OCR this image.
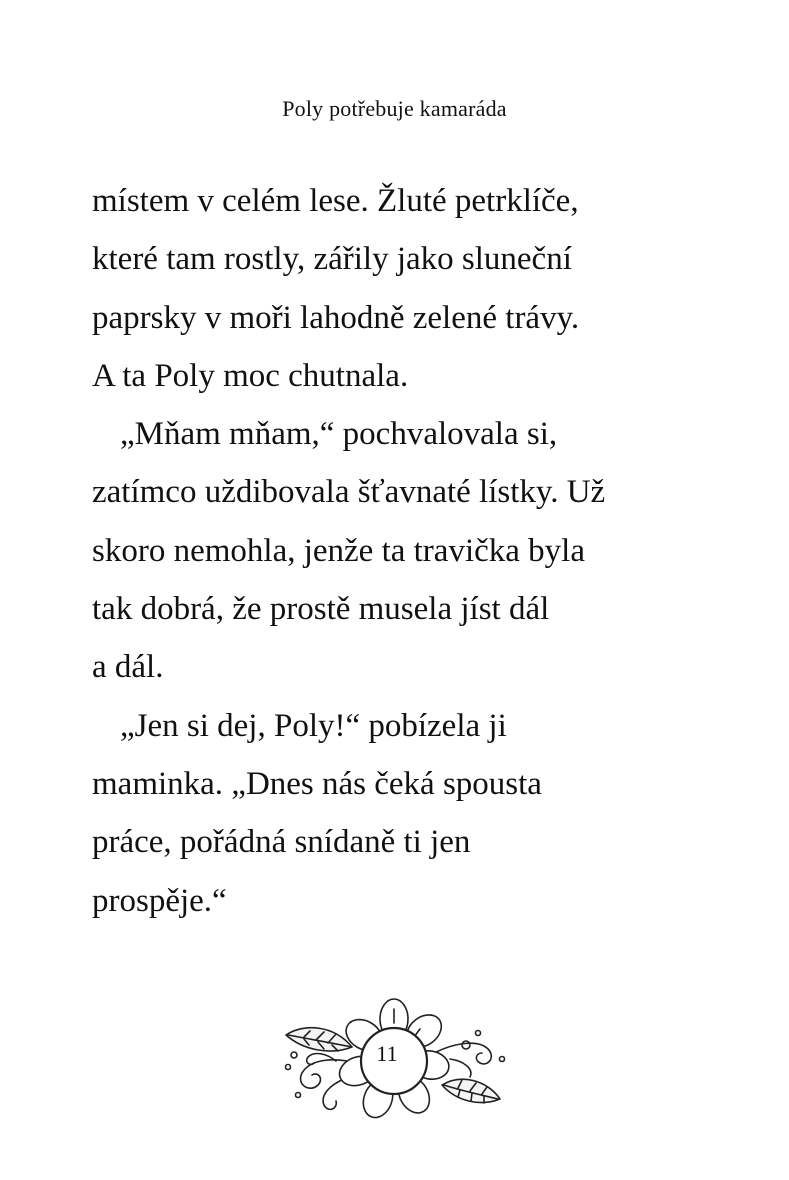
Poly potřebuje kamaráda
místem v celém lese. Žluté petrklíče,
které tam rostly, zářily jako sluneční
paprsky v moři lahodně zelené trávy.
A ta Poly moc chutnala.
„Mňam mňam,“ pochvalovala si,
zatímco uždibovala šťavnaté lístky. Už
skoro nemohla, jenže ta travička byla
tak dobrá, že prostě musela jíst dál
a dál.
„Jen si dej, Poly!“ pobízela ji
maminka. „Dnes nás čeká spousta
práce, pořádná snídaně ti jen
prospěje.“
11
